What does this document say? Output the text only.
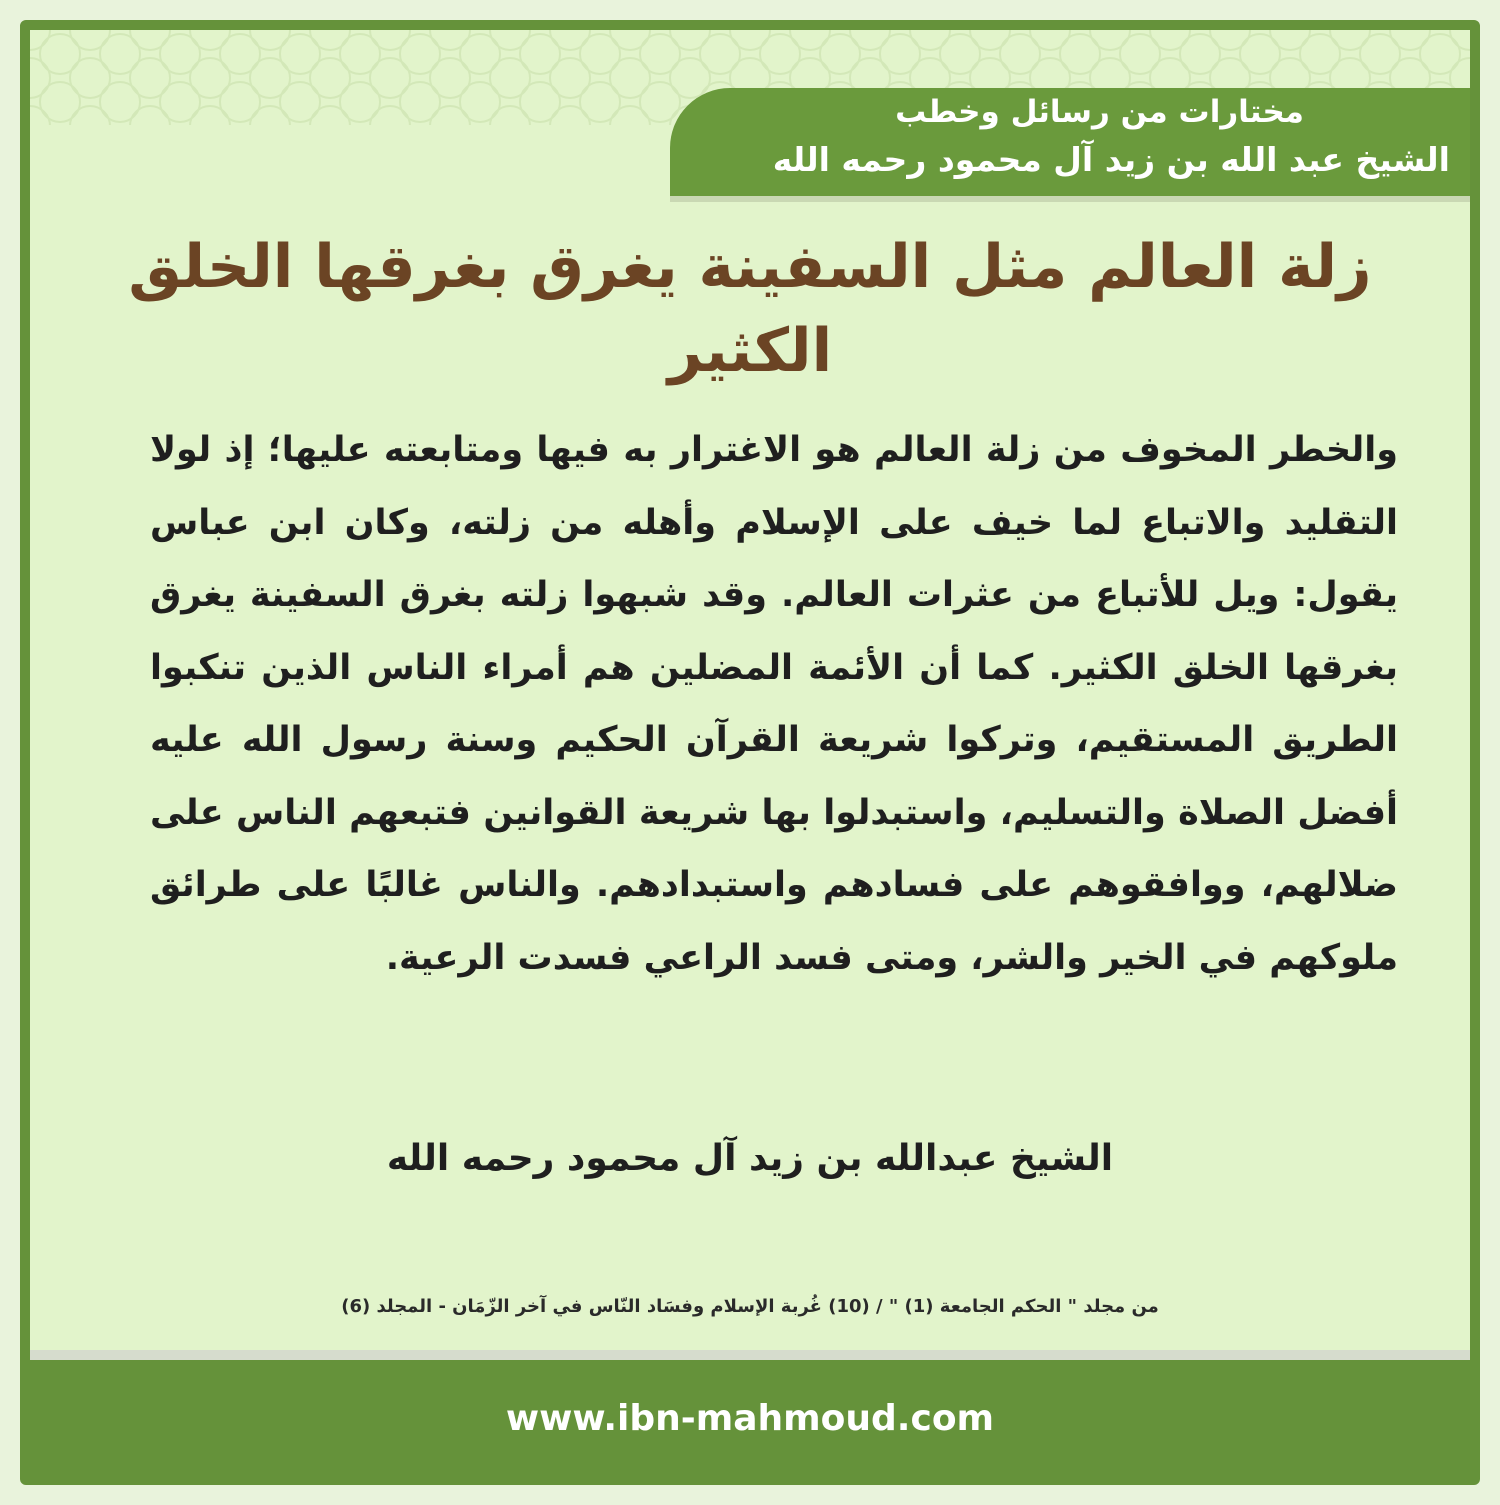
مختارات من رسائل وخطب
الشيخ عبد الله بن زيد آل محمود رحمه الله
زلة العالم مثل السفينة يغرق بغرقها الخلق الكثير
والخطر المخوف من زلة العالم هو الاغترار به فيها ومتابعته عليها؛ إذ لولا التقليد والاتباع لما خيف على الإسلام وأهله من زلته، وكان ابن عباس يقول: ويل للأتباع من عثرات العالم. وقد شبهوا زلته بغرق السفينة يغرق بغرقها الخلق الكثير. كما أن الأئمة المضلين هم أمراء الناس الذين تنكبوا الطريق المستقيم، وتركوا شريعة القرآن الحكيم وسنة رسول الله عليه أفضل الصلاة والتسليم، واستبدلوا بها شريعة القوانين فتبعهم الناس على ضلالهم، ووافقوهم على فسادهم واستبدادهم. والناس غالبًا على طرائق ملوكهم في الخير والشر، ومتى فسد الراعي فسدت الرعية.
الشيخ عبدالله بن زيد آل محمود رحمه الله
من مجلد " الحكم الجامعة (1) " / (10) غُربة الإسلام وفسَاد النّاس في آخر الزّمَان - المجلد (6)
www.ibn-mahmoud.com
